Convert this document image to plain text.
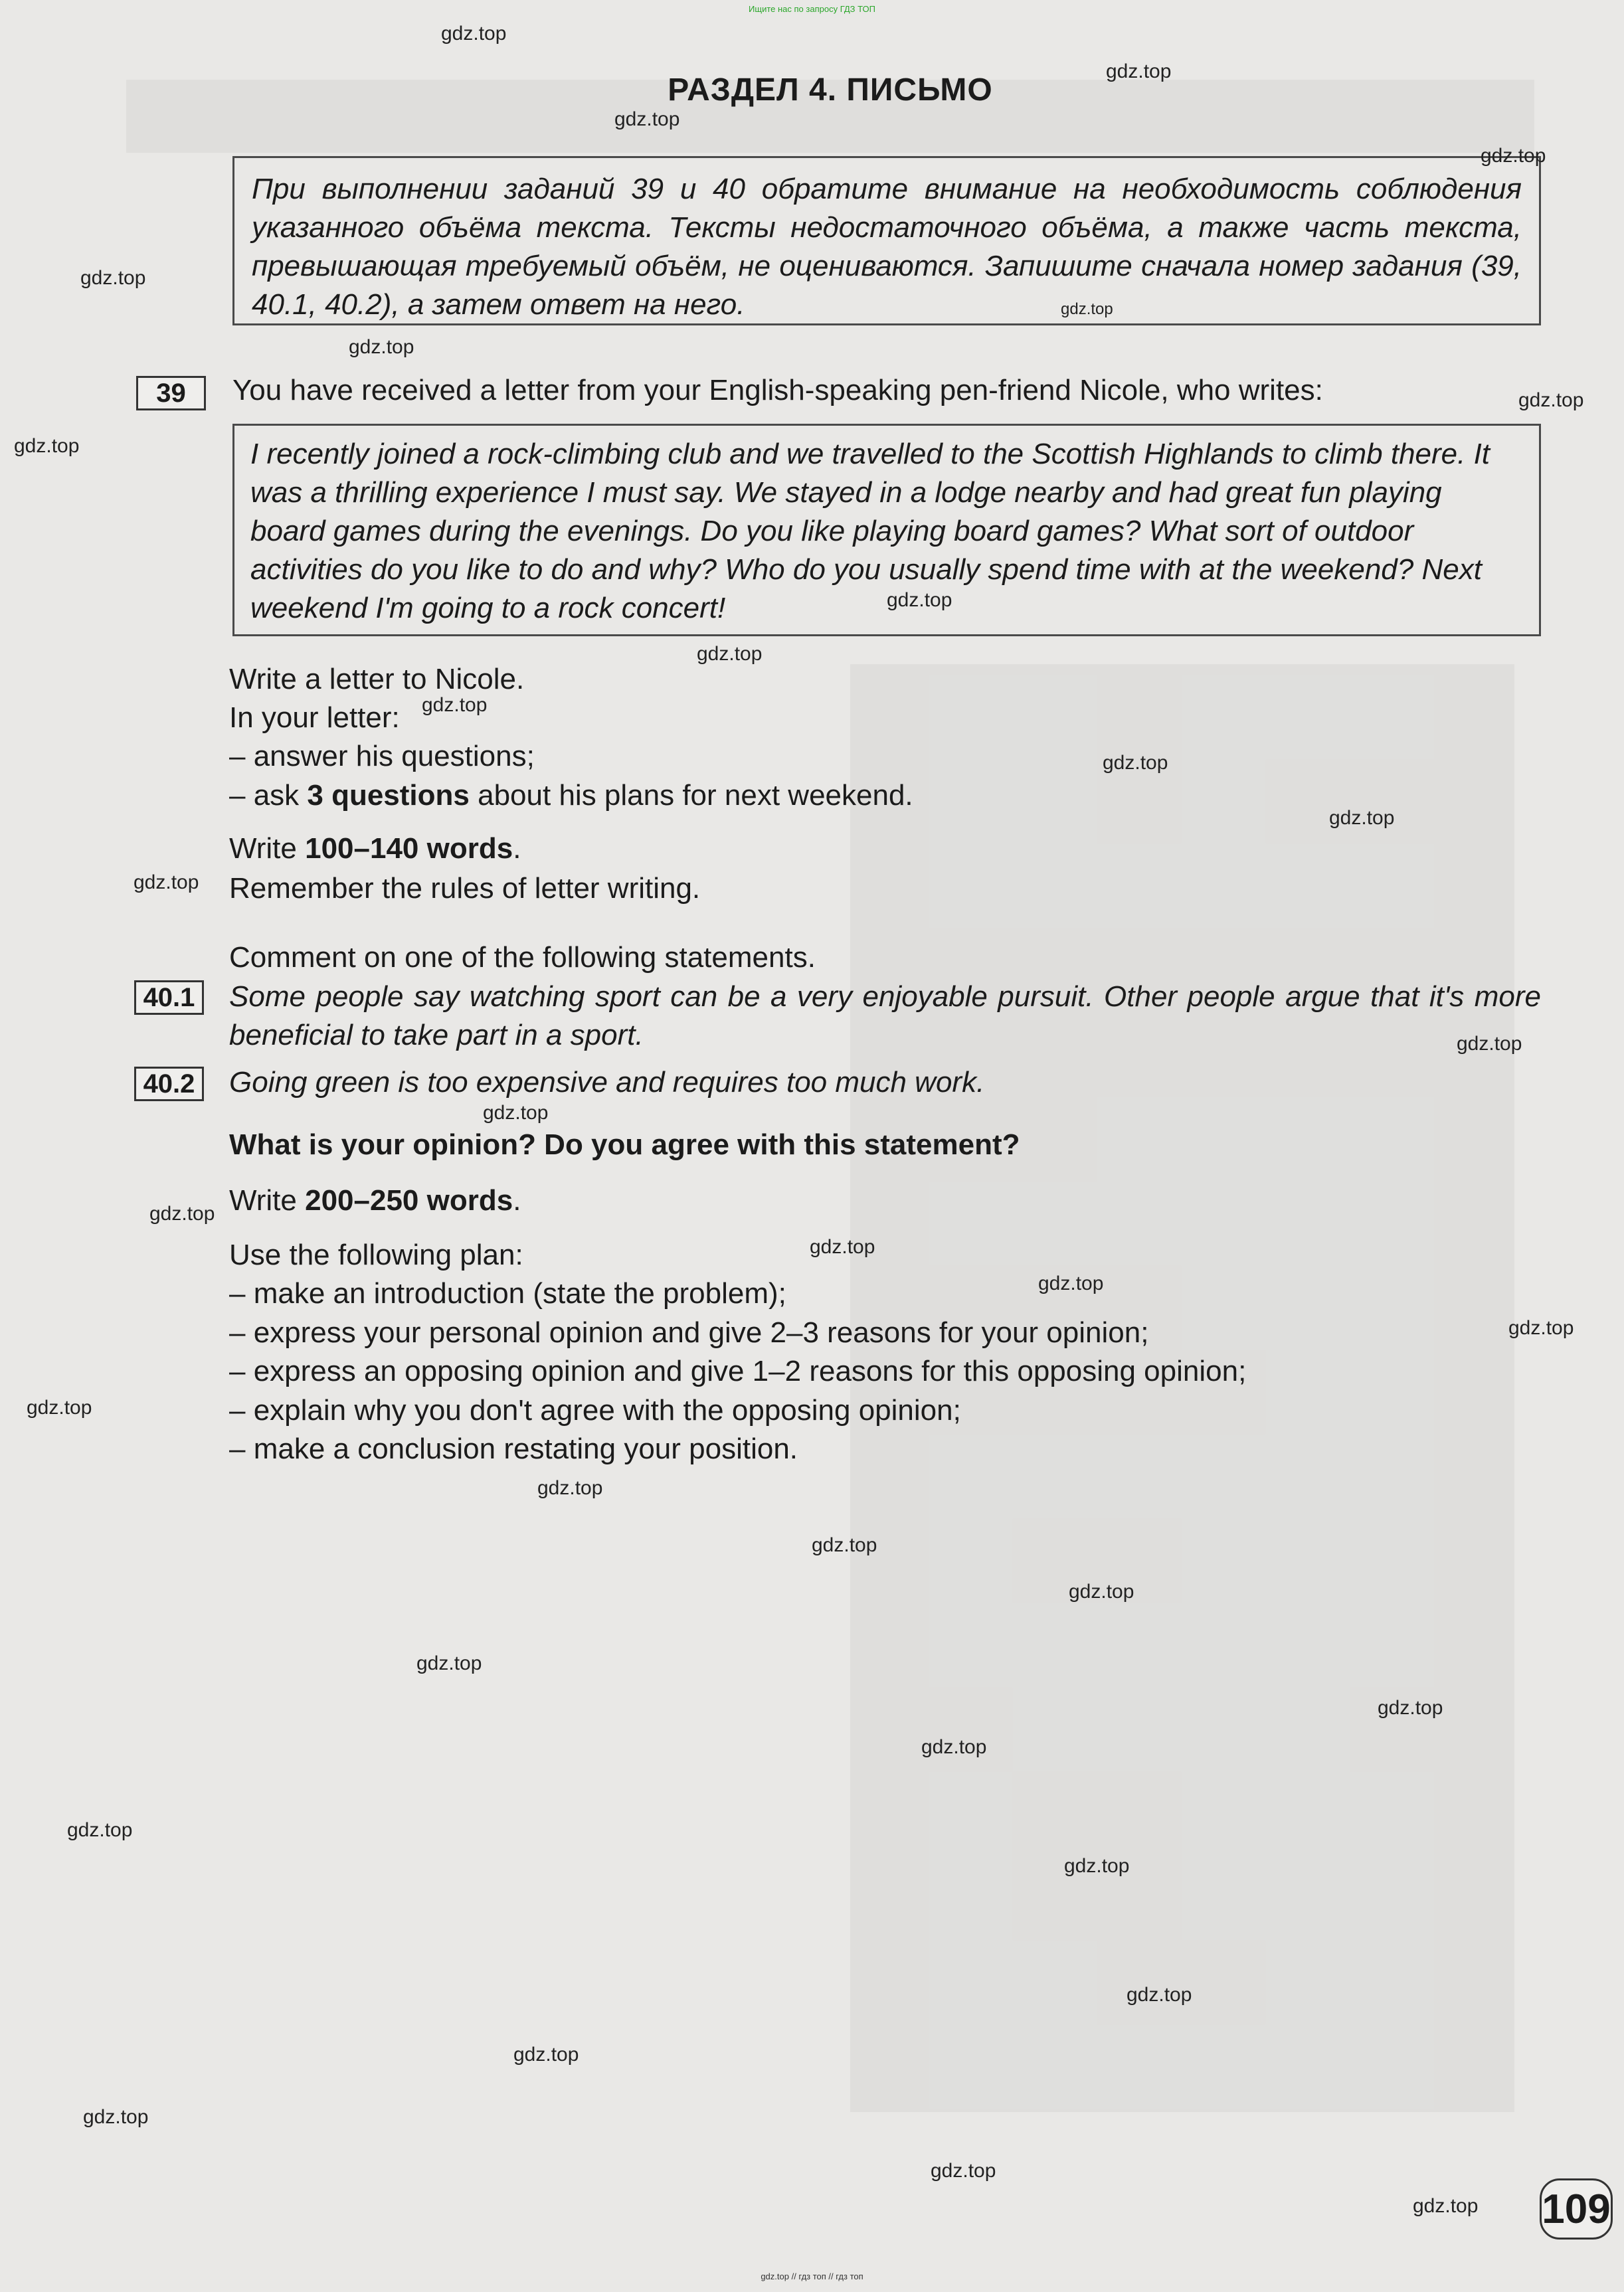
Ищите нас по запросу ГДЗ ТОП
РАЗДЕЛ 4. ПИСЬМО

При выполнении заданий 39 и 40 обратите внимание на необходимость соблюдения указанного объёма текста. Тексты недостаточного объёма, а также часть текста, превышающая требуемый объём, не оцениваются. Запишите сначала номер задания (39, 40.1, 40.2), а затем ответ на него.

39	You have received a letter from your English-speaking pen-friend Nicole, who writes:

I recently joined a rock-climbing club and we travelled to the Scottish Highlands to climb there. It was a thrilling experience I must say. We stayed in a lodge nearby and had great fun playing board games during the evenings. Do you like playing board games? What sort of outdoor activities do you like to do and why? Who do you usually spend time with at the weekend? Next weekend I'm going to a rock concert!

Write a letter to Nicole.
In your letter:
– answer his questions;
– ask 3 questions about his plans for next weekend.
Write 100–140 words.
Remember the rules of letter writing.
Comment on one of the following statements.
40.1	Some people say watching sport can be a very enjoyable pursuit. Other people argue that it's more beneficial to take part in a sport.
40.2	Going green is too expensive and requires too much work.
What is your opinion? Do you agree with this statement?
Write 200–250 words.
Use the following plan:
– make an introduction (state the problem);
– express your personal opinion and give 2–3 reasons for your opinion;
– express an opposing opinion and give 1–2 reasons for this opposing opinion;
– explain why you don't agree with the opposing opinion;
– make a conclusion restating your position.
gdz.top
gdz.top
gdz.top
gdz.top
gdz.top
gdz.top
gdz.top
gdz.top
gdz.top
gdz.top
gdz.top
gdz.top
gdz.top
gdz.top
gdz.top
gdz.top
gdz.top
gdz.top
gdz.top
gdz.top
gdz.top
gdz.top
gdz.top
gdz.top
gdz.top
gdz.top
gdz.top
gdz.top
gdz.top
gdz.top
gdz.top
gdz.top
gdz.top
gdz.top
gdz.top 109
gdz.top // гдз топ // гдз топ
